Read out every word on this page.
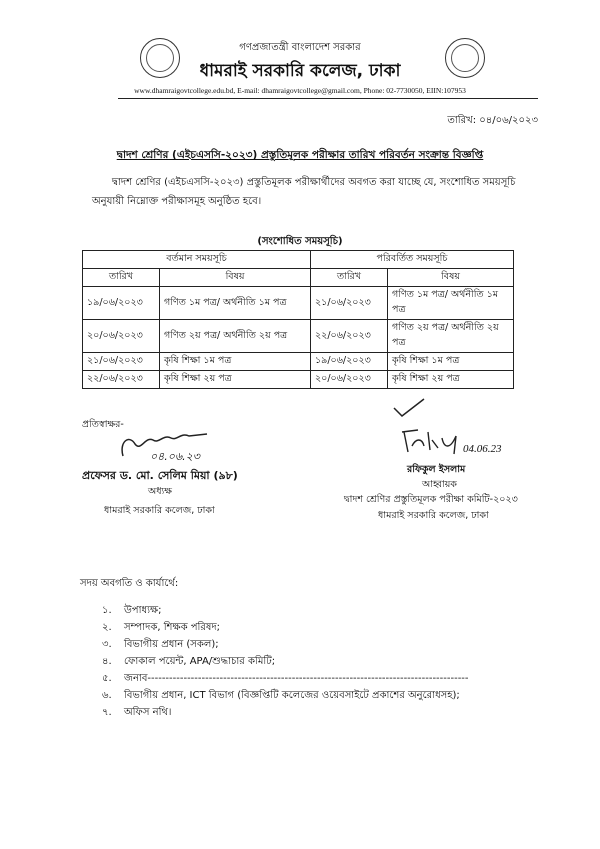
গণপ্রজাতন্ত্রী বাংলাদেশ সরকার
ধামরাই সরকারি কলেজ, ঢাকা
www.dhamraigovtcollege.edu.bd, E-mail: dhamraigovtcollege@gmail.com, Phone: 02-7730050, EIIN:107953
তারিখ: ০৪/০৬/২০২৩
দ্বাদশ শ্রেণির (এইচএসসি-২০২৩) প্রস্তুতিমূলক পরীক্ষার তারিখ পরিবর্তন সংক্রান্ত বিজ্ঞপ্তি
দ্বাদশ শ্রেণির (এইচএসসি-২০২৩) প্রস্তুতিমূলক পরীক্ষার্থীদের অবগত করা যাচ্ছে যে, সংশোধিত সময়সূচি
অনুযায়ী নিম্নোক্ত পরীক্ষাসমূহ অনুষ্ঠিত হবে।
(সংশোধিত সময়সূচি)
বর্তমান সময়সূচি		পরিবর্তিত সময়সূচি	
তারিখ	বিষয়	তারিখ	বিষয়
১৯/০৬/২০২৩	গণিত ১ম পত্র/ অর্থনীতি ১ম পত্র	২১/০৬/২০২৩	গণিত ১ম পত্র/ অর্থনীতি ১ম পত্র
২০/০৬/২০২৩	গণিত ২য় পত্র/ অর্থনীতি ২য় পত্র	২২/০৬/২০২৩	গণিত ২য় পত্র/ অর্থনীতি ২য় পত্র
২১/০৬/২০২৩	কৃষি শিক্ষা ১ম পত্র	১৯/০৬/২০২৩	কৃষি শিক্ষা ১ম পত্র
২২/০৬/২০২৩	কৃষি শিক্ষা ২য় পত্র	২০/০৬/২০২৩	কৃষি শিক্ষা ২য় পত্র
প্রতিস্বাক্ষর-
০৪.০৬.২৩
প্রফেসর ড. মো. সেলিম মিয়া (৯৮)
অধ্যক্ষ
ধামরাই সরকারি কলেজ, ঢাকা
04.06.23
রফিকুল ইসলাম
আহ্বায়ক
দ্বাদশ শ্রেণির প্রস্তুতিমূলক পরীক্ষা কমিটি-২০২৩
ধামরাই সরকারি কলেজ, ঢাকা
সদয় অবগতি ও কার্যার্থে:
১.	উপাধ্যক্ষ;
২.	সম্পাদক, শিক্ষক পরিষদ;
৩.	বিভাগীয় প্রধান (সকল);
৪.	ফোকাল পয়েন্ট, APA/শুদ্ধাচার কমিটি;
৫.	জনাব-----------------------------------------------------------------------------------------
৬.	বিভাগীয় প্রধান, ICT বিভাগ (বিজ্ঞপ্তিটি কলেজের ওয়েবসাইটে প্রকাশের অনুরোধসহ);
৭.	অফিস নথি।
